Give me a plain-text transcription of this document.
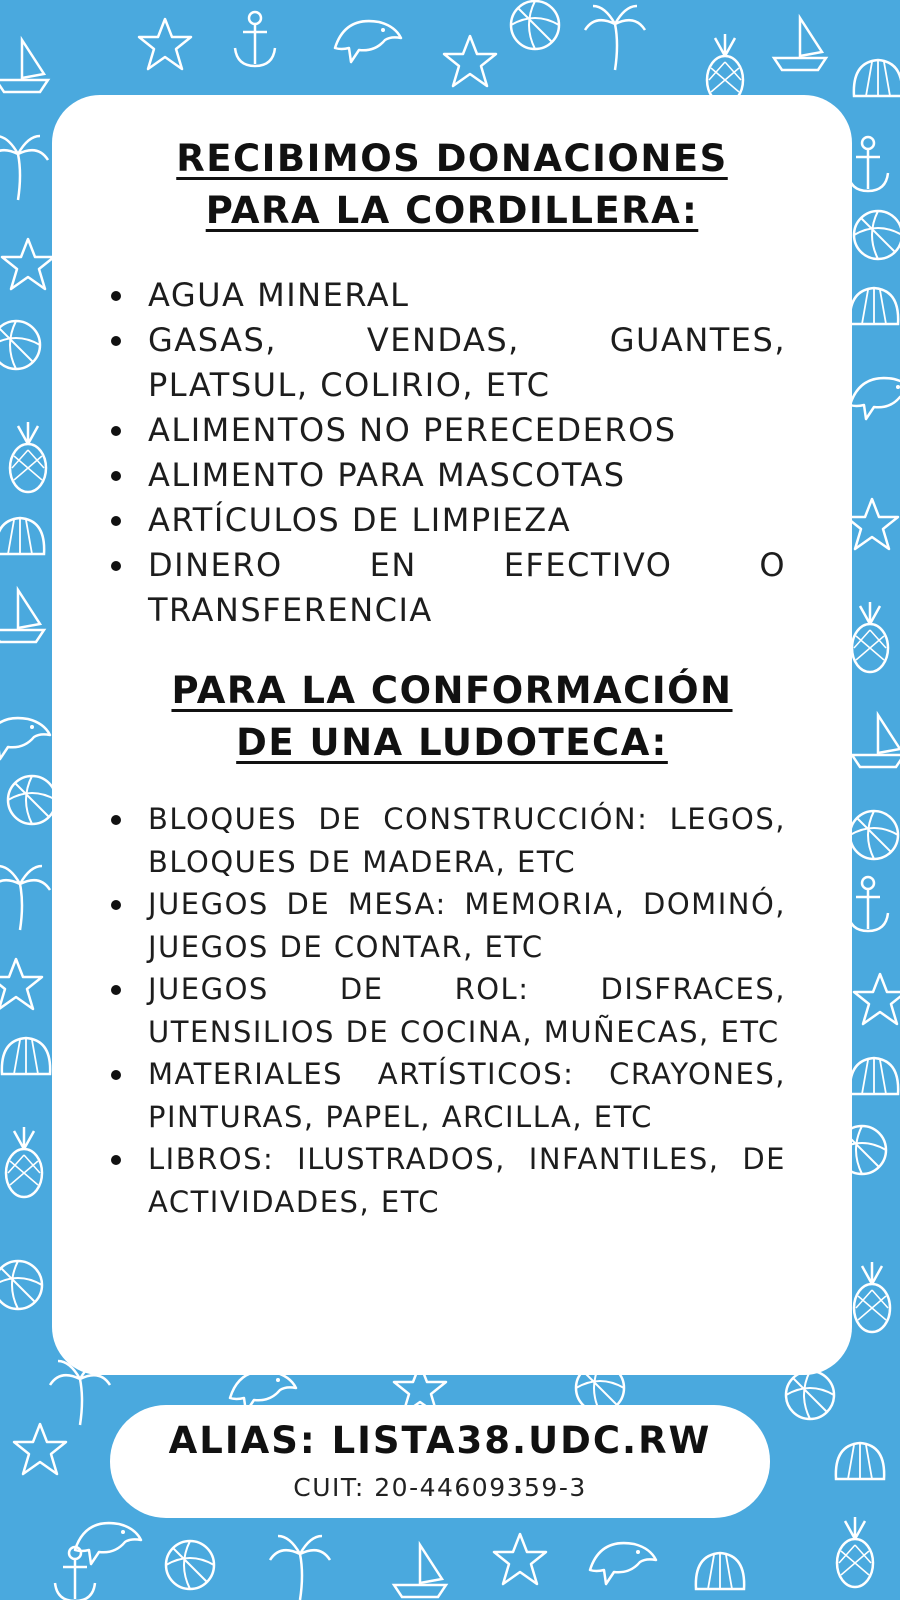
RECIBIMOS DONACIONES
PARA LA CORDILLERA:
AGUA MINERAL
GASAS, VENDAS, GUANTES, PLATSUL, COLIRIO, ETC
ALIMENTOS NO PERECEDEROS
ALIMENTO PARA MASCOTAS
ARTÍCULOS DE LIMPIEZA
DINERO EN EFECTIVO O TRANSFERENCIA
PARA LA CONFORMACIÓN
DE UNA LUDOTECA:
BLOQUES DE CONSTRUCCIÓN: LEGOS, BLOQUES DE MADERA, ETC
JUEGOS DE MESA: MEMORIA, DOMINÓ, JUEGOS DE CONTAR, ETC
JUEGOS DE ROL: DISFRACES, UTENSILIOS DE COCINA, MUÑECAS, ETC
MATERIALES ARTÍSTICOS: CRAYONES, PINTURAS, PAPEL, ARCILLA, ETC
LIBROS: ILUSTRADOS, INFANTILES, DE ACTIVIDADES, ETC
ALIAS: LISTA38.UDC.RW
CUIT: 20-44609359-3
